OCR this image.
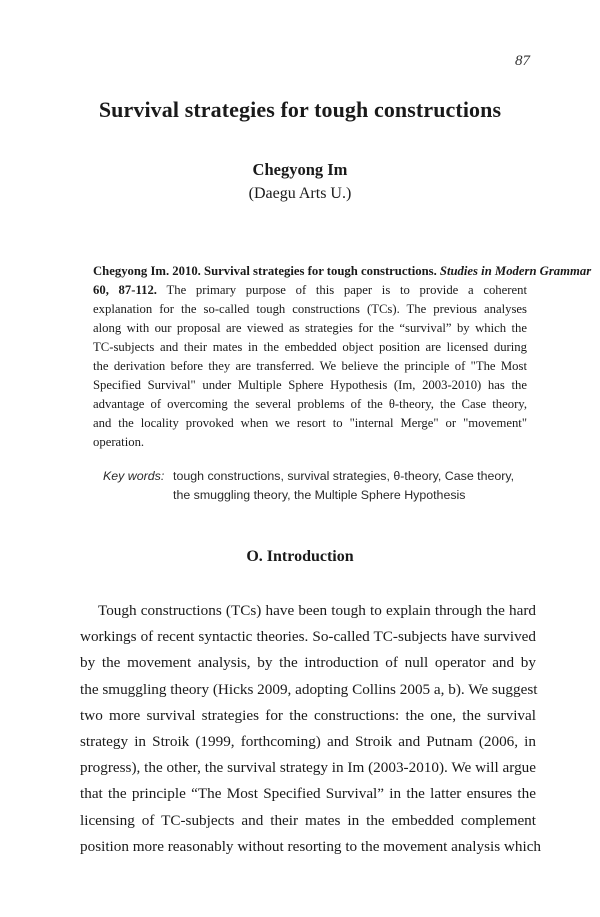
87
Survival strategies for tough constructions
Chegyong Im
(Daegu Arts U.)
Chegyong Im. 2010. Survival strategies for tough constructions. Studies in Modern Grammar
60, 87-112. The primary purpose of this paper is to provide a coherent
explanation for the so-called tough constructions (TCs). The previous analyses
along with our proposal are viewed as strategies for the “survival” by which the
TC-subjects and their mates in the embedded object position are licensed during
the derivation before they are transferred. We believe the principle of "The Most
Specified Survival" under Multiple Sphere Hypothesis (Im, 2003-2010) has the
advantage of overcoming the several problems of the θ-theory, the Case theory,
and the locality provoked when we resort to "internal Merge" or "movement"
operation.
Key words: tough constructions, survival strategies, θ-theory, Case theory,
the smuggling theory, the Multiple Sphere Hypothesis
O. Introduction
Tough constructions (TCs) have been tough to explain through the hard
workings of recent syntactic theories. So-called TC-subjects have survived
by the movement analysis, by the introduction of null operator and by
the smuggling theory (Hicks 2009, adopting Collins 2005 a, b). We suggest
two more survival strategies for the constructions: the one, the survival
strategy in Stroik (1999, forthcoming) and Stroik and Putnam (2006, in
progress), the other, the survival strategy in Im (2003-2010). We will argue
that the principle “The Most Specified Survival” in the latter ensures the
licensing of TC-subjects and their mates in the embedded complement
position more reasonably without resorting to the movement analysis which
